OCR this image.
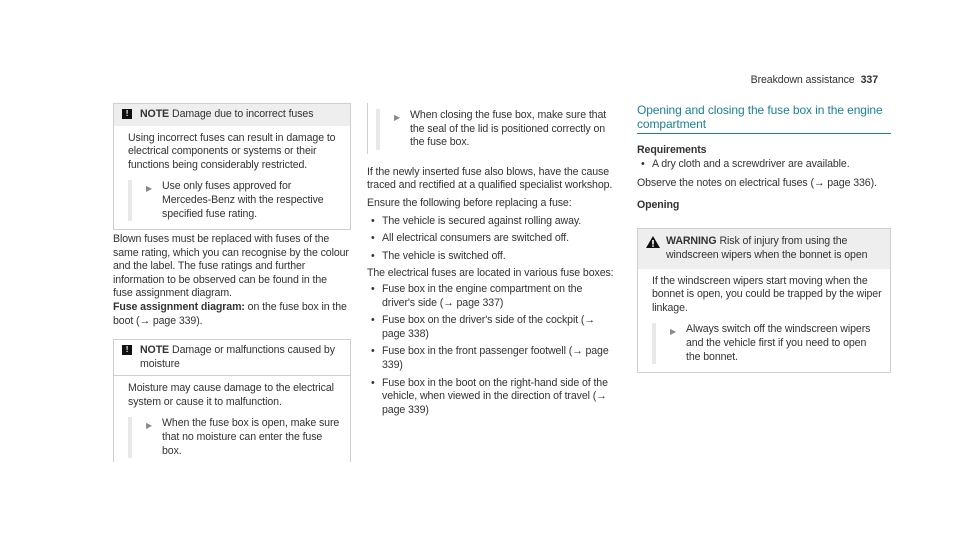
Breakdown assistance 337
!	NOTE Damage due to incorrect fuses

Using incorrect fuses can result in damage to electrical components or systems or their functions being considerably restricted.

▶ Use only fuses approved for Mercedes-Benz with the respective specified fuse rating.

Blown fuses must be replaced with fuses of the same rating, which you can recognise by the colour and the label. The fuse ratings and further information to be observed can be found in the fuse assignment diagram.

Fuse assignment diagram: on the fuse box in the boot (→ page 339).

!	NOTE Damage or malfunctions caused by moisture

Moisture may cause damage to the electrical system or cause it to malfunction.

▶ When the fuse box is open, make sure that no moisture can enter the fuse box.
▶ When closing the fuse box, make sure that the seal of the lid is positioned correctly on the fuse box.

If the newly inserted fuse also blows, have the cause traced and rectified at a qualified specialist workshop.

Ensure the following before replacing a fuse:

• The vehicle is secured against rolling away.
• All electrical consumers are switched off.
• The vehicle is switched off.

The electrical fuses are located in various fuse boxes:

• Fuse box in the engine compartment on the driver's side (→ page 337)
• Fuse box on the driver's side of the cockpit (→ page 338)
• Fuse box in the front passenger footwell (→ page 339)
• Fuse box in the boot on the right-hand side of the vehicle, when viewed in the direction of travel (→ page 339)
Opening and closing the fuse box in the engine compartment

Requirements

• A dry cloth and a screwdriver are available.

Observe the notes on electrical fuses (→ page 336).

Opening

WARNING Risk of injury from using the windscreen wipers when the bonnet is open

If the windscreen wipers start moving when the bonnet is open, you could be trapped by the wiper linkage.

▶ Always switch off the windscreen wipers and the vehicle first if you need to open the bonnet.
